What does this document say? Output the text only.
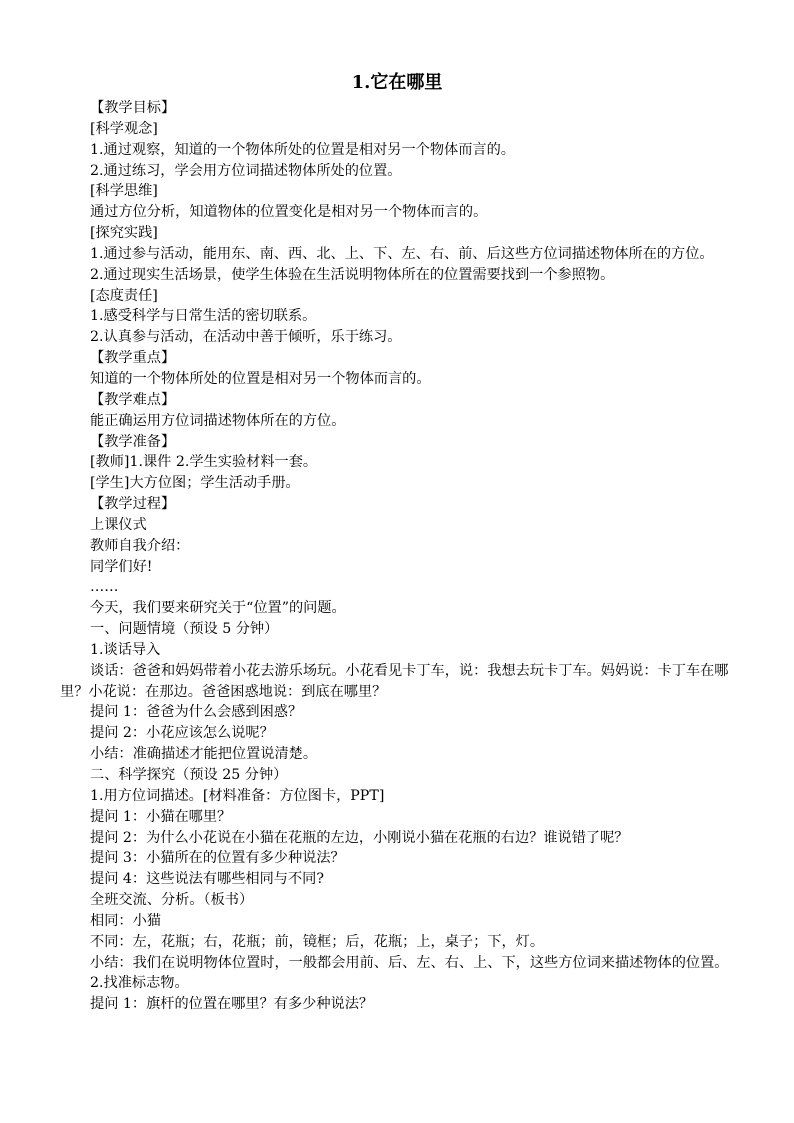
1.它在哪里

【教学目标】

[科学观念]

1.通过观察，知道的一个物体所处的位置是相对另一个物体而言的。

2.通过练习，学会用方位词描述物体所处的位置。

[科学思维]

通过方位分析，知道物体的位置变化是相对另一个物体而言的。

[探究实践]

1.通过参与活动，能用东、南、西、北、上、下、左、右、前、后这些方位词描述物体所在的方位。

2.通过现实生活场景，使学生体验在生活说明物体所在的位置需要找到一个参照物。

[态度责任]

1.感受科学与日常生活的密切联系。

2.认真参与活动，在活动中善于倾听，乐于练习。

【教学重点】

知道的一个物体所处的位置是相对另一个物体而言的。

【教学难点】

能正确运用方位词描述物体所在的方位。

【教学准备】

[教师]1.课件 2.学生实验材料一套。

[学生]大方位图；学生活动手册。

【教学过程】

上课仪式

教师自我介绍：

同学们好!

……

今天，我们要来研究关于“位置”的问题。

一、问题情境（预设 5 分钟）

1.谈话导入

谈话：爸爸和妈妈带着小花去游乐场玩。小花看见卡丁车，说：我想去玩卡丁车。妈妈说：卡丁车在哪里？小花说：在那边。爸爸困惑地说：到底在哪里？

提问 1：爸爸为什么会感到困惑？

提问 2：小花应该怎么说呢？

小结：准确描述才能把位置说清楚。

二、科学探究（预设 25 分钟）

1.用方位词描述。[材料准备：方位图卡，PPT]

提问 1：小猫在哪里？

提问 2：为什么小花说在小猫在花瓶的左边，小刚说小猫在花瓶的右边？谁说错了呢？

提问 3：小猫所在的位置有多少种说法？

提问 4：这些说法有哪些相同与不同?

全班交流、分析。（板书）

相同：小猫

不同：左，花瓶；右，花瓶；前，镜框；后，花瓶；上，桌子；下，灯。

小结：我们在说明物体位置时，一般都会用前、后、左、右、上、下，这些方位词来描述物体的位置。

2.找准标志物。

提问 1：旗杆的位置在哪里？有多少种说法？
